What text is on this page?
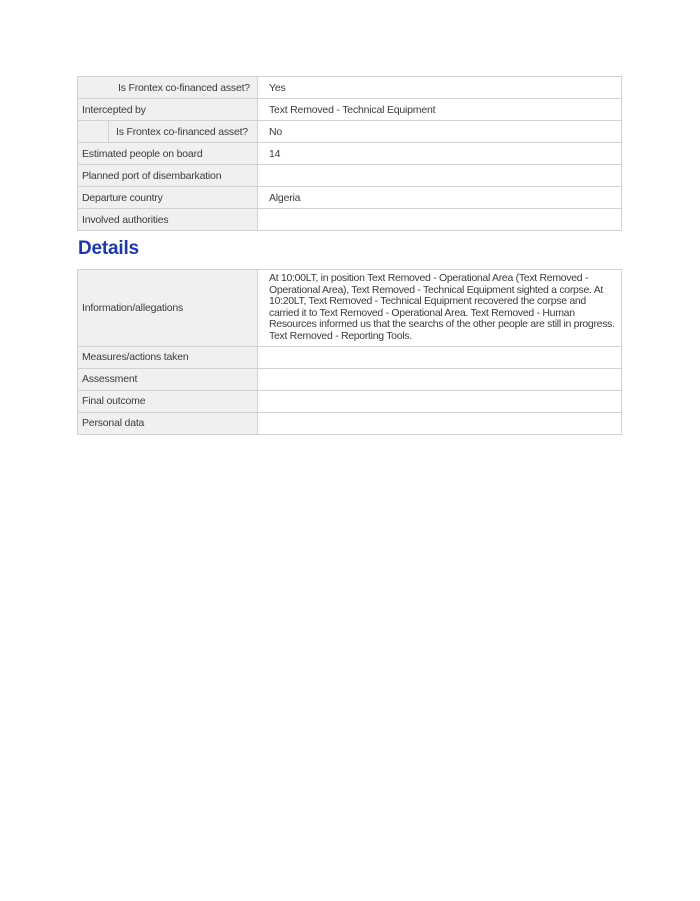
Is Frontex co-financed asset?		Yes
Intercepted by		Text Removed - Technical Equipment
	Is Frontex co-financed asset?	No
Estimated people on board		14
Planned port of disembarkation		
Departure country		Algeria
Involved authorities		
Details
Information/allegations	At 10:00LT, in position Text Removed - Operational Area (Text Removed - Operational Area), Text Removed - Technical Equipment sighted a corpse. At 10:20LT, Text Removed - Technical Equipment recovered the corpse and carried it to Text Removed - Operational Area. Text Removed - Human Resources informed us that the searchs of the other people are still in progress. Text Removed - Reporting Tools.
Measures/actions taken	
Assessment	
Final outcome	
Personal data	
